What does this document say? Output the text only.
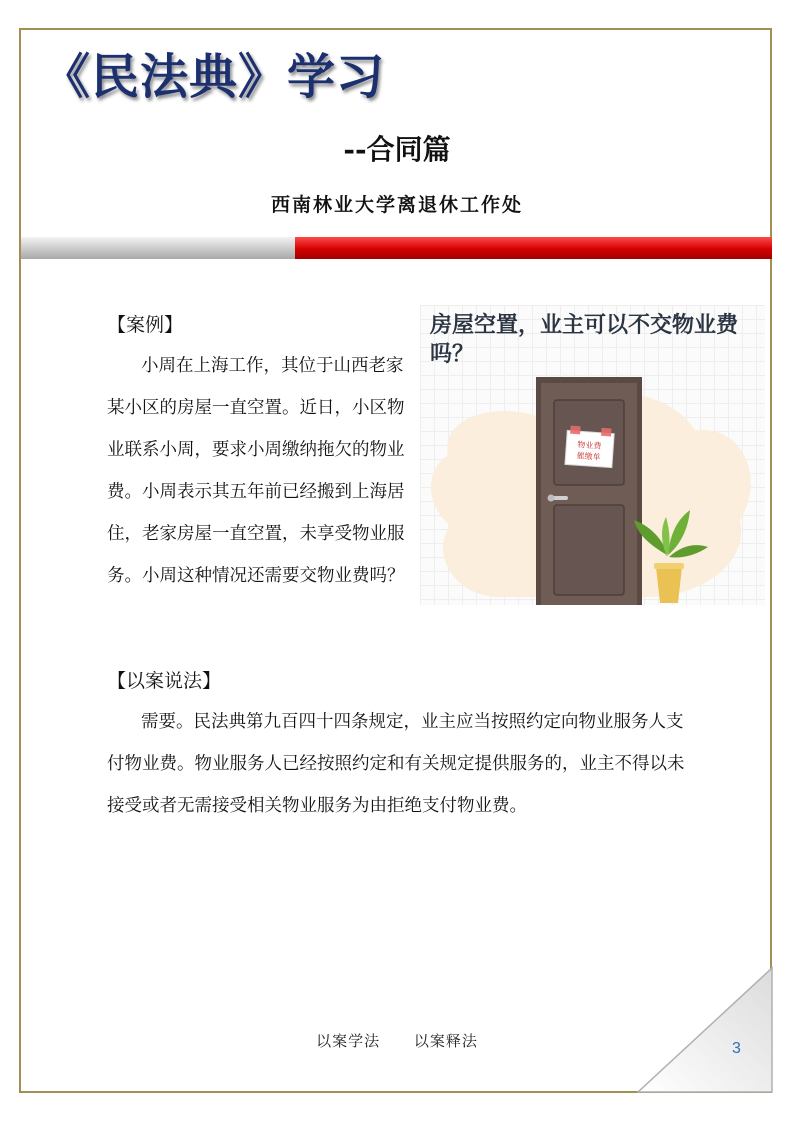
《民法典》学习
--合同篇
西南林业大学离退休工作处
【案例】

小周在上海工作，其位于山西老家某小区的房屋一直空置。近日，小区物业联系小周，要求小周缴纳拖欠的物业费。小周表示其五年前已经搬到上海居住，老家房屋一直空置，未享受物业服务。小周这种情况还需要交物业费吗？

物业费
催缴单
房屋空置，业主可以不交物业费吗？
【以案说法】

需要。民法典第九百四十四条规定，业主应当按照约定向物业服务人支付物业费。物业服务人已经按照约定和有关规定提供服务的，业主不得以未接受或者无需接受相关物业服务为由拒绝支付物业费。

以案学法 以案释法	3
